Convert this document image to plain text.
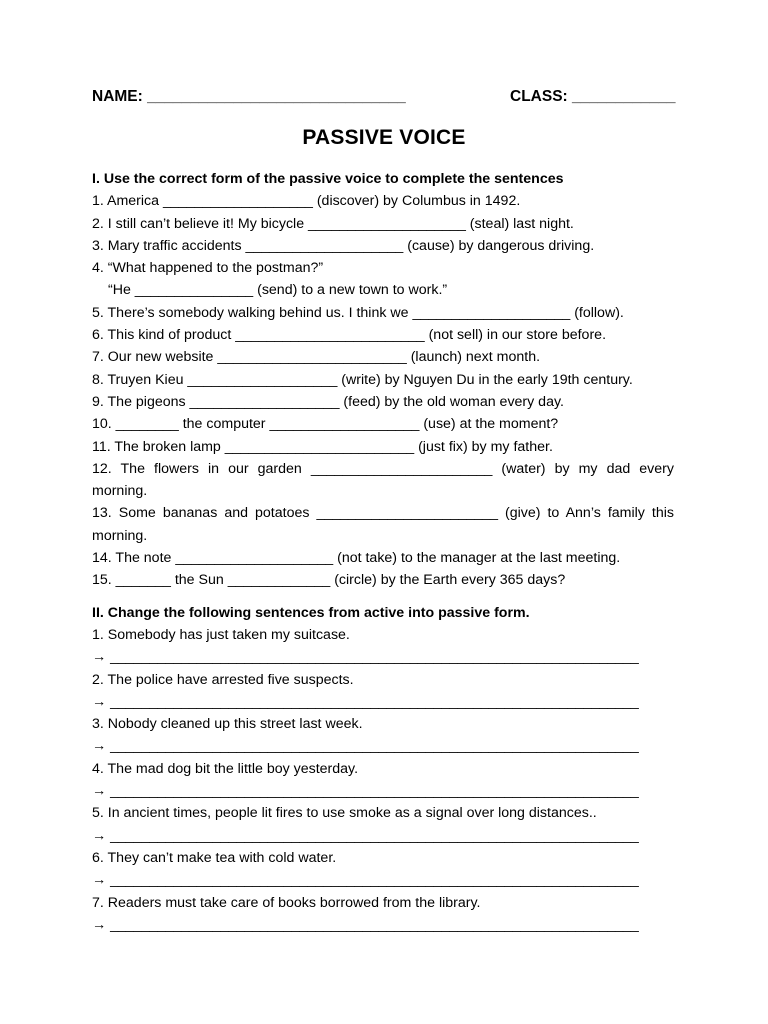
NAME: ______________________________	CLASS: ____________
PASSIVE VOICE
I. Use the correct form of the passive voice to complete the sentences
1. America ___________________ (discover) by Columbus in 1492.
2. I still can’t believe it! My bicycle ____________________ (steal) last night.
3. Mary traffic accidents ____________________ (cause) by dangerous driving.
4. “What happened to the postman?”
“He _______________ (send) to a new town to work.”
5. There’s somebody walking behind us. I think we ____________________ (follow).
6. This kind of product ________________________ (not sell) in our store before.
7. Our new website ________________________ (launch) next month.
8. Truyen Kieu ___________________ (write) by Nguyen Du in the early 19th century.
9. The pigeons ___________________ (feed) by the old woman every day.
10. ________ the computer ___________________ (use) at the moment?
11. The broken lamp ________________________ (just fix) by my father.
12. The flowers in our garden _______________________ (water) by my dad every morning.
13. Some bananas and potatoes _______________________ (give) to Ann’s family this morning.
14. The note ____________________ (not take) to the manager at the last meeting.
15. _______ the Sun _____________ (circle) by the Earth every 365 days?
II. Change the following sentences from active into passive form.
1. Somebody has just taken my suitcase.
→ ___________________________________________________________________
2. The police have arrested five suspects.
→ ___________________________________________________________________
3. Nobody cleaned up this street last week.
→ ___________________________________________________________________
4. The mad dog bit the little boy yesterday.
→ ___________________________________________________________________
5. In ancient times, people lit fires to use smoke as a signal over long distances..
→ ___________________________________________________________________
6. They can’t make tea with cold water.
→ ___________________________________________________________________
7. Readers must take care of books borrowed from the library.
→ ___________________________________________________________________
